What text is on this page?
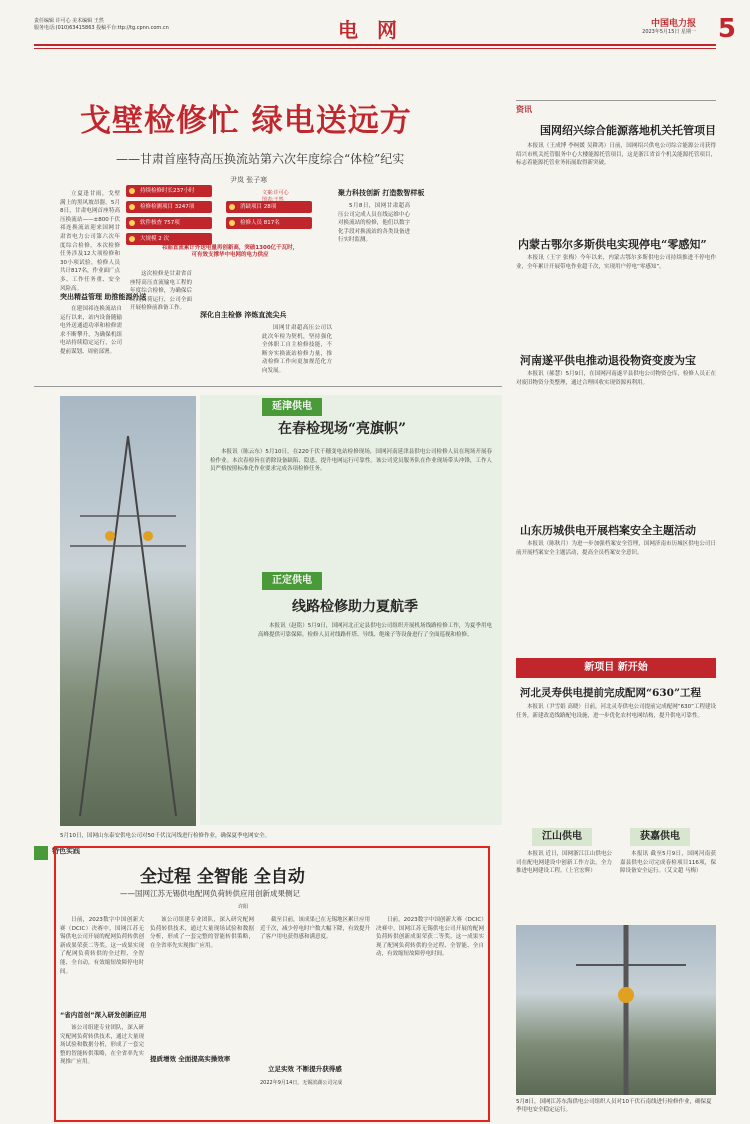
责任编辑 许可心 美术编辑 王然
服务电话:(010)63415863 投稿平台:ttp://tg.cpnn.com.cn	电 网	中国电力报
2023年5月15日 星期一 5
戈壁检修忙 绿电送远方
——甘肃首座特高压换流站第六次年度综合“体检”纪实
尹岚 张子寒

立夏逢甘雨，戈壁满上的黑风坡昂器。5月8日，甘肃电网首座特高压换流站——±800千伏祁连换流站迎来国网甘肃省电力公司第六次年度综合检修。本次检修任务涉及12大项检修和30小项试验，检修人员共计817名，作业面广点多、工作任务重、安全风险高。

突出精益管理 助推能源外送

在建国祁连换流站自运行以来，站内设备随输电外送通道功率和检修需求不断攀升，为确保机组电站持续稳定运行，公司提前谋划、周密部署。

这次检修是甘肃省首座特高压直流输电工程的年度综合检修，为确保后续高负荷运行，公司全面开展检修前准备工作。

持续检修时长237小时
检修检测项目 3247项	消缺项目 28项
软件核查 757项	检修人员 817名
大规模 2 次
文案:许可心
图表:王然
祁韶直流累计外送电量再创新高，突破1300亿千瓦时，可有效支撑华中电网的电力供应
聚力科技创新 打造数智样板

5月8日，国网甘肃超高压公司完成人员在线运维中心对换流站的检修，他们以数字化手段对换流站的各类设备进行实时监测。

深化自主检修 淬炼直流尖兵

国网甘肃超高压公司以此次年检为契机，坚持强化全体职工自主检修技能，不断夯实换流站检修力量，推动检修工作向更加规范化方向发展。

延津供电
在春检现场“亮旗帜”

本报讯（陈云东）5月10日，在220千伏千穗变电站检修现场，国网河南延津县供电公司检修人员在现场开展春检作业。本次春检旨在消除设备缺陷、隐患，提升电网运行可靠性。该公司党员服务队在作业现场带头冲锋，工作人员严格按照标准化作业要求完成各项检修任务。

正定供电
线路检修助力夏航季

本报讯（赵铭）5月9日，国网河北正定县供电公司组织开展机场线路检修工作，为夏季用电高峰提供可靠保障。检修人员对线路杆塔、导线、绝缘子等设备进行了全面巡视和检修。

5月10日，国网山东泰安供电公司对50千伏汶河线进行检修作业，确保夏季电网安全。
资讯
国网绍兴综合能源落地机关托管项目

本报讯（王成博 李柯媛 吴耕鸿）日前，国网绍兴供电公司综合能源公司获得绍兴市机关托管服务中心大楼能源托管项目，这是浙江省首个机关能源托管项目，标志着能源托管业务拓展取得新突破。

内蒙古鄂尔多斯供电实现停电“零感知”

本报讯（王宇 张梅）今年以来，内蒙古鄂尔多斯供电公司持续推进不停电作业，全年累计开展带电作业超千次，实现用户停电“零感知”。

河南遂平供电推动退役物资变废为宝

本报讯（郝慧）5月9日，在国网河南遂平县供电公司物资仓库，检修人员正在对废旧物资分类整理，通过合理回收实现资源再利用。

山东历城供电开展档案安全主题活动

本报讯（陈秋月）为进一步加强档案安全管理，国网济南市历城区供电公司日前开展档案安全主题活动，提高全员档案安全意识。

新项目 新开始
河北灵寿供电提前完成配网“630”工程

本报讯（尹雪娟 高晓）日前，河北灵寿供电公司提前完成配网“630”工程建设任务，新建改造线路配电设施，进一步优化农村电网结构，提升供电可靠性。

江山供电	获嘉供电

本报讯 近日，国网浙江江山供电公司在配电网建设中创新工作方法，全力推进电网建设工程。（上官宏辉）

本报讯 截至5月9日，国网河南获嘉县供电公司完成春检项目116项，保障设备安全运行。（艾文超 马梅）

5月8日，国网江苏东海供电公司组织人员对10千伏石南线进行检修作业，确保夏季用电安全稳定运行。
特色实践
全过程 全智能 全自动
——国网江苏无锡供电配网负荷转供应用创新成果侧记
许阳

日前，2023数字中国创新大赛（DCIC）决赛中，国网江苏无锡供电公司开展的配网负荷转供创新成果荣获二等奖。这一成果实现了配网负荷转供的全过程、全智能、全自动，有效缩短故障停电时间。

“省内首创”深入研发创新应用

该公司组建专业团队，深入研究配网负荷转供技术，通过大量现场试验和数据分析，形成了一套完整的智能转供策略，在全省率先实现推广应用。

该公司组建专业团队，深入研究配网负荷转供技术，通过大量现场试验和数据分析，形成了一套完整的智能转供策略，在全省率先实现推广应用。

提质增效 全面提高实操效率

截至目前，该成果已在无锡地区累计应用近千次，减少停电时户数大幅下降，有效提升了客户用电获得感和满意度。

立足实效 不断提升获得感

日前，2023数字中国创新大赛（DCIC）决赛中，国网江苏无锡供电公司开展的配网负荷转供创新成果荣获二等奖。这一成果实现了配网负荷转供的全过程、全智能、全自动，有效缩短故障停电时间。

2022年9月14日，无锡滨湖公司完成
